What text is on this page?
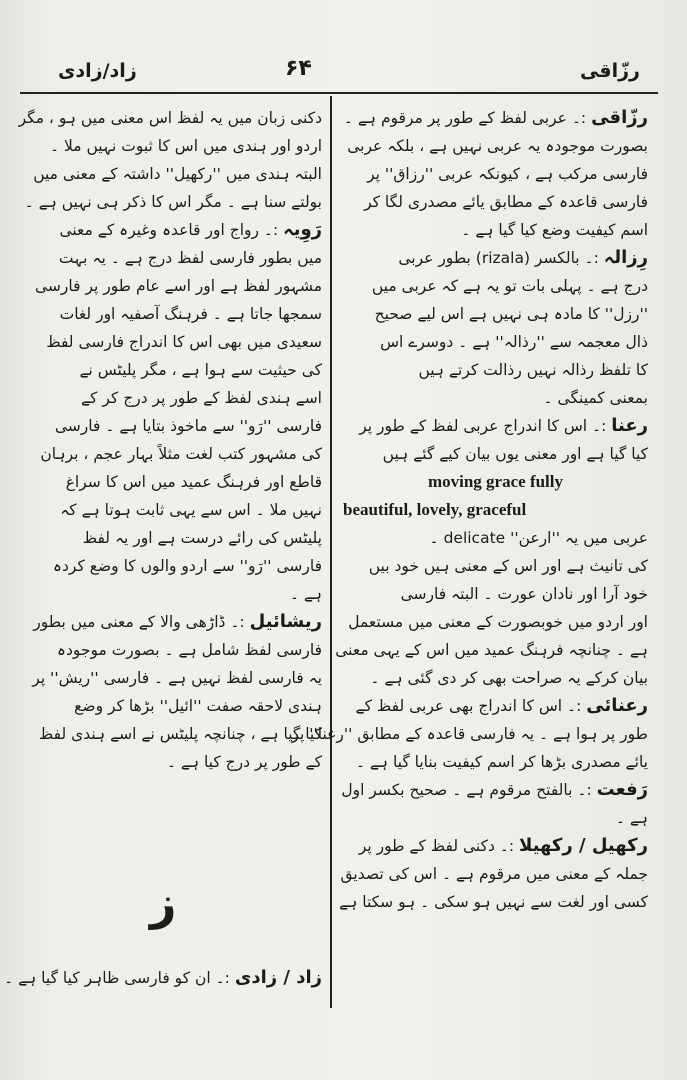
زاد/زادی	۶۴	رزّاقی
رزّاقی :۔ عربی لفظ کے طور پر مرقوم ہے ۔
بصورت موجودہ یہ عربی نہیں ہے ، بلکہ عربی
فارسی مرکب ہے ، کیونکہ عربی ''رزاق'' پر
فارسی قاعدہ کے مطابق یائے مصدری لگا کر
اسم کیفیت وضع کیا گیا ہے ۔
رِزالہ :۔ بالکسر (rizala) بطور عربی
درج ہے ۔ پہلی بات تو یہ ہے کہ عربی میں
''رزل'' کا مادہ ہی نہیں ہے اس لیے صحیح
ذال معجمہ سے ''رذالہ'' ہے ۔ دوسرے اس
کا تلفظ رذالہ نہیں رذالت کرتے ہیں
بمعنی کمینگی ۔
رعنا :۔ اس کا اندراج عربی لفظ کے طور پر
کیا گیا ہے اور معنی یوں بیان کیے گئے ہیں
moving grace fully
beautiful, lovely, graceful
عربی میں یہ ''ارعن'' delicate ۔
کی تانیث ہے اور اس کے معنی ہیں خود بیں
خود آرا اور نادان عورت ۔ البتہ فارسی
اور اردو میں خوبصورت کے معنی میں مستعمل
ہے ۔ چنانچہ فرہنگ عمید میں اس کے یہی معنی
بیان کرکے یہ صراحت بھی کر دی گئی ہے ۔
رعنائی :۔ اس کا اندراج بھی عربی لفظ کے
طور پر ہوا ہے ۔ یہ فارسی قاعدہ کے مطابق ''رعنا'' پر
یائے مصدری بڑھا کر اسم کیفیت بنایا گیا ہے ۔
رَفعت :۔ بالفتح مرقوم ہے ۔ صحیح بکسر اول
ہے ۔
رکھیل / رکھیلا :۔ دکنی لفظ کے طور پر
جملہ کے معنی میں مرقوم ہے ۔ اس کی تصدیق
کسی اور لغت سے نہیں ہو سکی ۔ ہو سکتا ہے
دکنی زبان میں یہ لفظ اس معنی میں ہو ، مگر
اردو اور ہندی میں اس کا ثبوت نہیں ملا ۔
البتہ ہندی میں ''رکھیل'' داشتہ کے معنی میں
بولتے سنا ہے ۔ مگر اس کا ذکر ہی نہیں ہے ۔
رَوِیہ :۔ رواج اور قاعدہ وغیرہ کے معنی
میں بطور فارسی لفظ درج ہے ۔ یہ بہت
مشہور لفظ ہے اور اسے عام طور پر فارسی
سمجھا جاتا ہے ۔ فرہنگ آصفیہ اور لغات
سعیدی میں بھی اس کا اندراج فارسی لفظ
کی حیثیت سے ہوا ہے ، مگر پلیٹس نے
اسے ہندی لفظ کے طور پر درج کر کے
فارسی ''رَو'' سے ماخوذ بتایا ہے ۔ فارسی
کی مشہور کتب لغت مثلاً بہار عجم ، برہان
قاطع اور فرہنگ عمید میں اس کا سراغ
نہیں ملا ۔ اس سے یہی ثابت ہوتا ہے کہ
پلیٹس کی رائے درست ہے اور یہ لفظ
فارسی ''رَو'' سے اردو والوں کا وضع کردہ
ہے ۔
ریشائیل :۔ ڈاڑھی والا کے معنی میں بطور
فارسی لفظ شامل ہے ۔ بصورت موجودہ
یہ فارسی لفظ نہیں ہے ۔ فارسی ''ریش'' پر
ہندی لاحقہ صفت ''ائیل'' بڑھا کر وضع
کیا گیا ہے ، چنانچہ پلیٹس نے اسے ہندی لفظ
کے طور پر درج کیا ہے ۔
ز
زاد / زادی :۔ ان کو فارسی ظاہر کیا گیا ہے ۔
